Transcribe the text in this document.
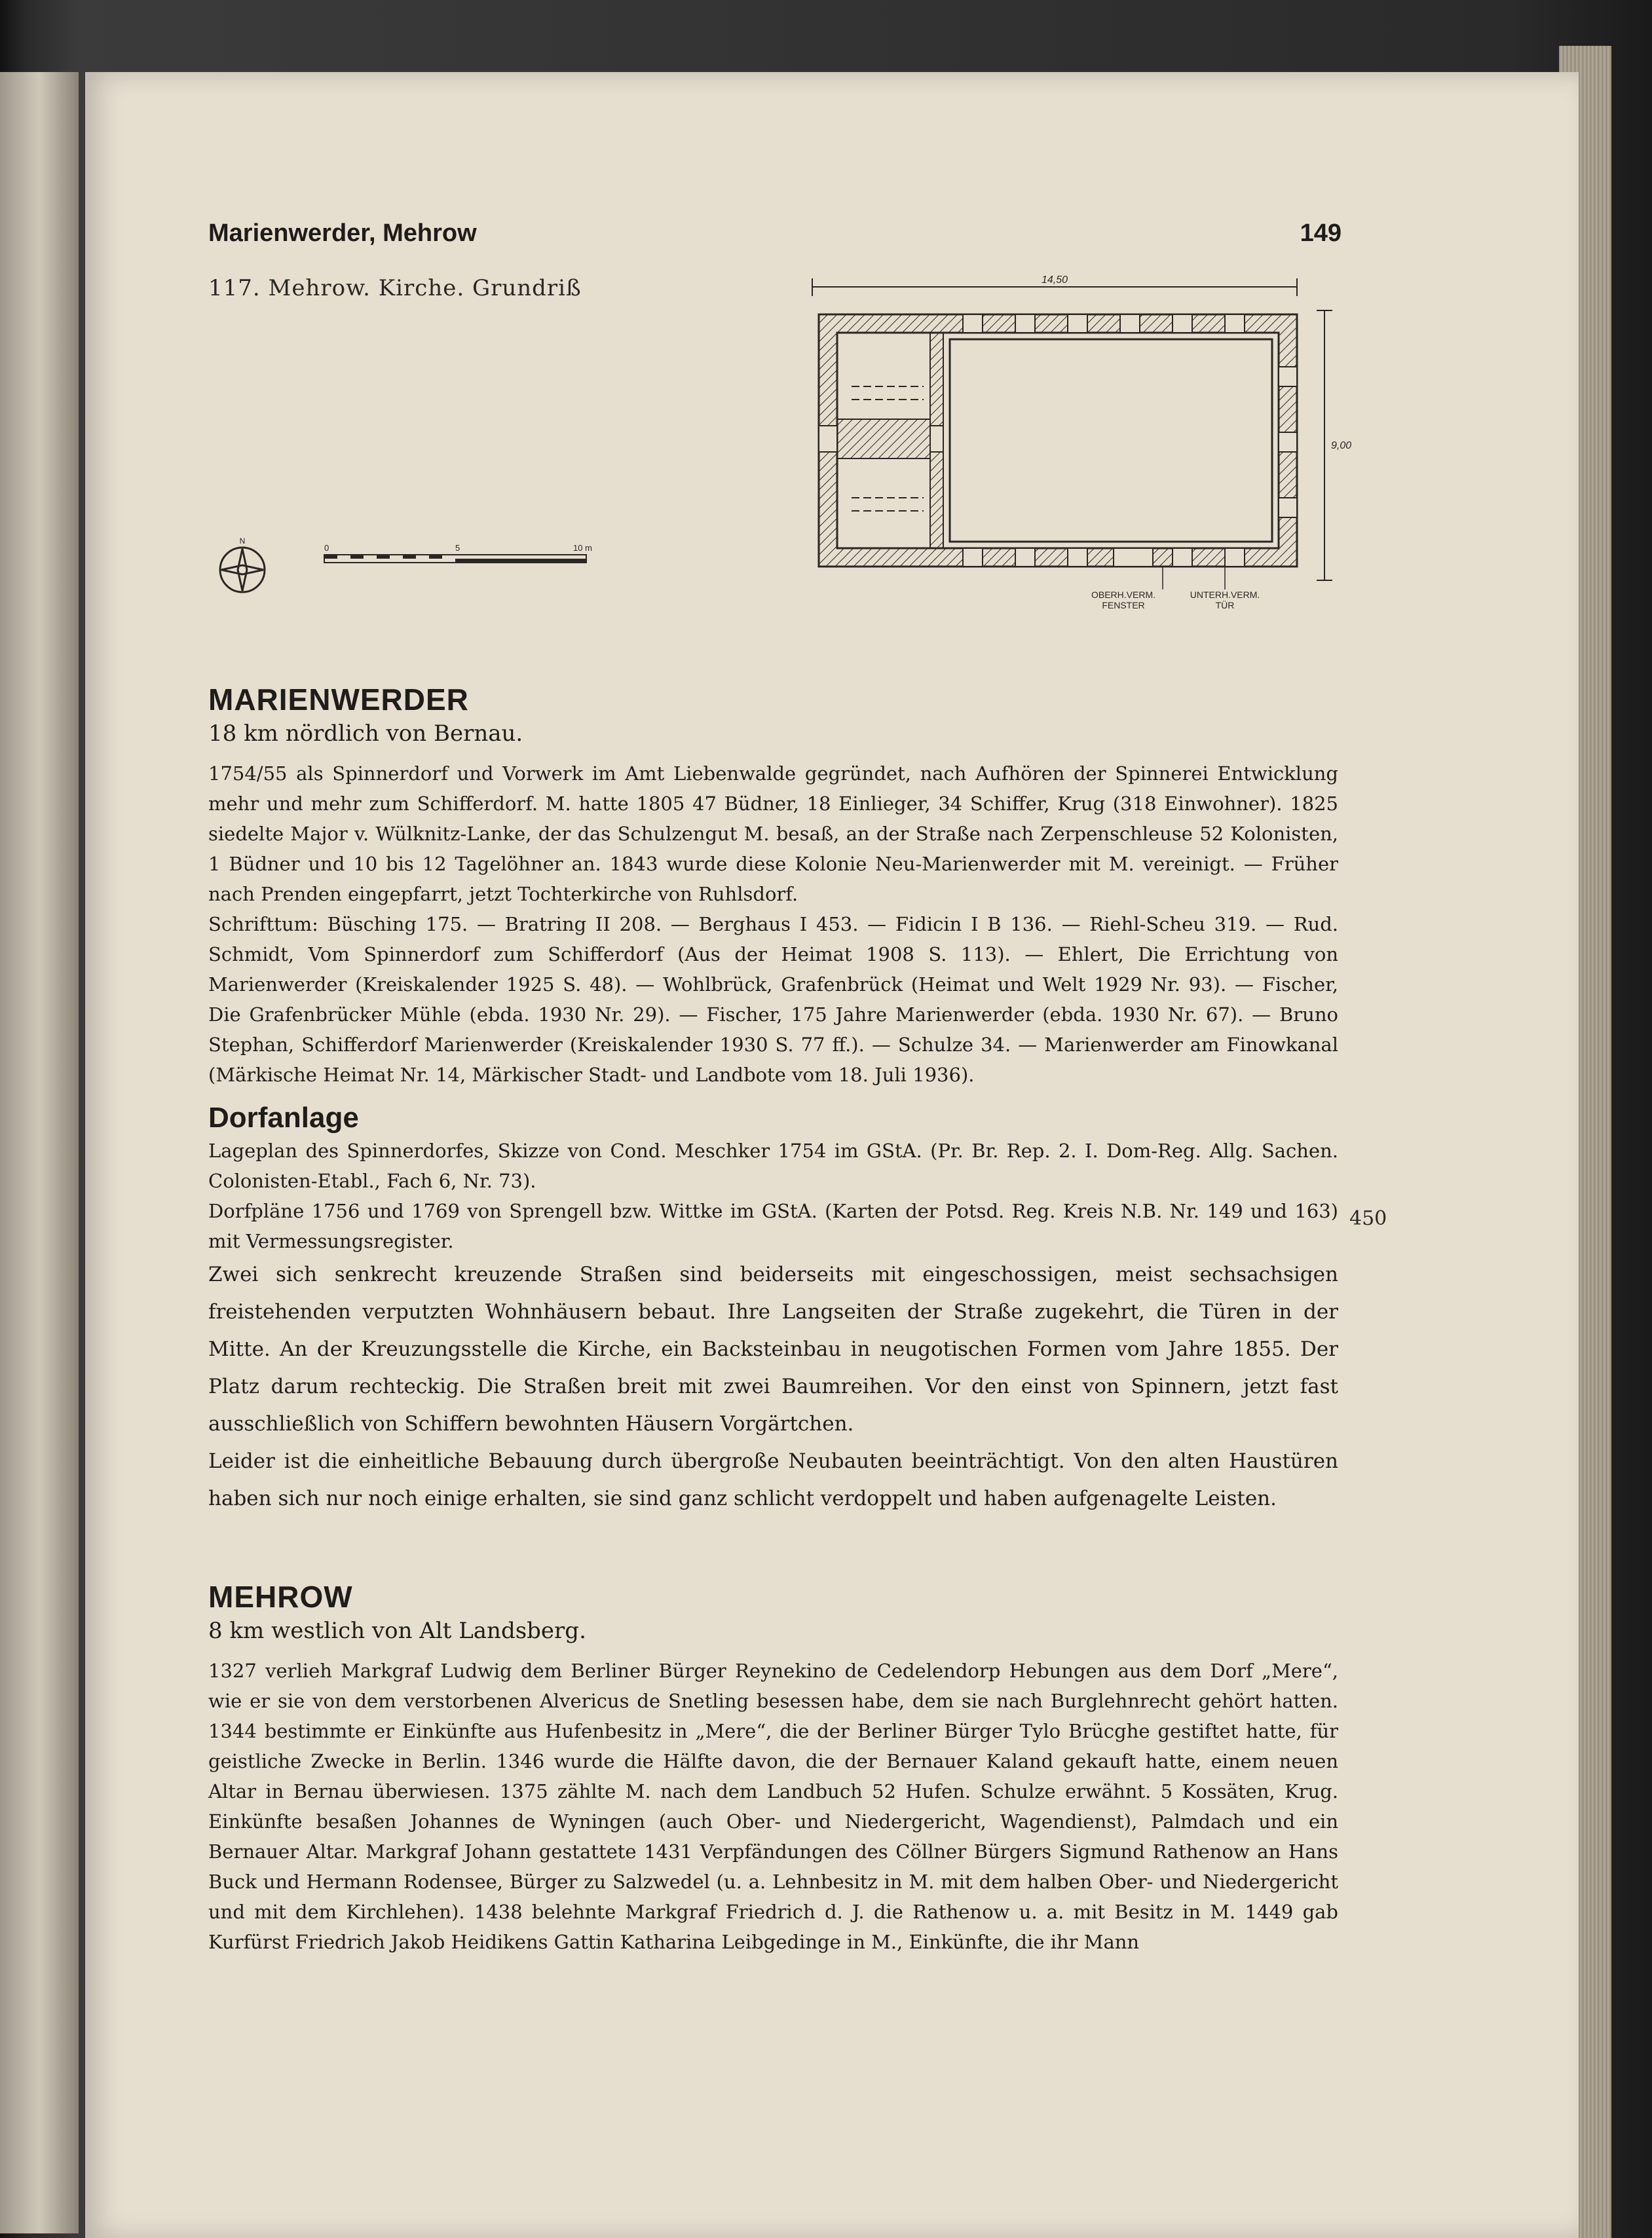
Marienwerder, Mehrow	149
117. Mehrow. Kirche. Grundriß
N
0	5	10 m
14,50
9,00
OBERH.VERM.
FENSTER
UNTERH.VERM.
TÜR
MARIENWERDER

18 km nördlich von Bernau.

1754/55 als Spinnerdorf und Vorwerk im Amt Liebenwalde gegründet, nach Aufhören der Spinnerei Entwicklung mehr und mehr zum Schifferdorf. M. hatte 1805 47 Büdner, 18 Einlieger, 34 Schiffer, Krug (318 Einwohner). 1825 siedelte Major v. Wülknitz-Lanke, der das Schulzengut M. besaß, an der Straße nach Zerpenschleuse 52 Kolonisten, 1 Büdner und 10 bis 12 Tagelöhner an. 1843 wurde diese Kolonie Neu-Marienwerder mit M. vereinigt. — Früher nach Prenden eingepfarrt, jetzt Tochterkirche von Ruhlsdorf.

Schrifttum: Büsching 175. — Bratring II 208. — Berghaus I 453. — Fidicin I B 136. — Riehl-Scheu 319. — Rud. Schmidt, Vom Spinnerdorf zum Schifferdorf (Aus der Heimat 1908 S. 113). — Ehlert, Die Errichtung von Marienwerder (Kreiskalender 1925 S. 48). — Wohlbrück, Grafenbrück (Heimat und Welt 1929 Nr. 93). — Fischer, Die Grafenbrücker Mühle (ebda. 1930 Nr. 29). — Fischer, 175 Jahre Marienwerder (ebda. 1930 Nr. 67). — Bruno Stephan, Schifferdorf Marienwerder (Kreiskalender 1930 S. 77 ff.). — Schulze 34. — Marienwerder am Finowkanal (Märkische Heimat Nr. 14, Märkischer Stadt- und Landbote vom 18. Juli 1936).

Dorfanlage

Lageplan des Spinnerdorfes, Skizze von Cond. Meschker 1754 im GStA. (Pr. Br. Rep. 2. I. Dom-Reg. Allg. Sachen. Colonisten-Etabl., Fach 6, Nr. 73).

Dorfpläne 1756 und 1769 von Sprengell bzw. Wittke im GStA. (Karten der Potsd. Reg. Kreis N.B. Nr. 149 und 163) mit Vermessungsregister.

Zwei sich senkrecht kreuzende Straßen sind beiderseits mit eingeschossigen, meist sechsachsigen freistehenden verputzten Wohnhäusern bebaut. Ihre Langseiten der Straße zugekehrt, die Türen in der Mitte. An der Kreuzungsstelle die Kirche, ein Backsteinbau in neugotischen Formen vom Jahre 1855. Der Platz darum rechteckig. Die Straßen breit mit zwei Baumreihen. Vor den einst von Spinnern, jetzt fast ausschließlich von Schiffern bewohnten Häusern Vorgärtchen.

Leider ist die einheitliche Bebauung durch übergroße Neubauten beeinträchtigt. Von den alten Haustüren haben sich nur noch einige erhalten, sie sind ganz schlicht verdoppelt und haben aufgenagelte Leisten.

450
MEHROW

8 km westlich von Alt Landsberg.

1327 verlieh Markgraf Ludwig dem Berliner Bürger Reynekino de Cedelendorp Hebungen aus dem Dorf „Mere“, wie er sie von dem verstorbenen Alvericus de Snetling besessen habe, dem sie nach Burglehnrecht gehört hatten. 1344 bestimmte er Einkünfte aus Hufenbesitz in „Mere“, die der Berliner Bürger Tylo Brücghe gestiftet hatte, für geistliche Zwecke in Berlin. 1346 wurde die Hälfte davon, die der Bernauer Kaland gekauft hatte, einem neuen Altar in Bernau überwiesen. 1375 zählte M. nach dem Landbuch 52 Hufen. Schulze erwähnt. 5 Kossäten, Krug. Einkünfte besaßen Johannes de Wyningen (auch Ober- und Niedergericht, Wagendienst), Palmdach und ein Bernauer Altar. Markgraf Johann gestattete 1431 Verpfändungen des Cöllner Bürgers Sigmund Rathenow an Hans Buck und Hermann Rodensee, Bürger zu Salzwedel (u. a. Lehnbesitz in M. mit dem halben Ober- und Niedergericht und mit dem Kirchlehen). 1438 belehnte Markgraf Friedrich d. J. die Rathenow u. a. mit Besitz in M. 1449 gab Kurfürst Friedrich Jakob Heidikens Gattin Katharina Leibgedinge in M., Einkünfte, die ihr Mann
